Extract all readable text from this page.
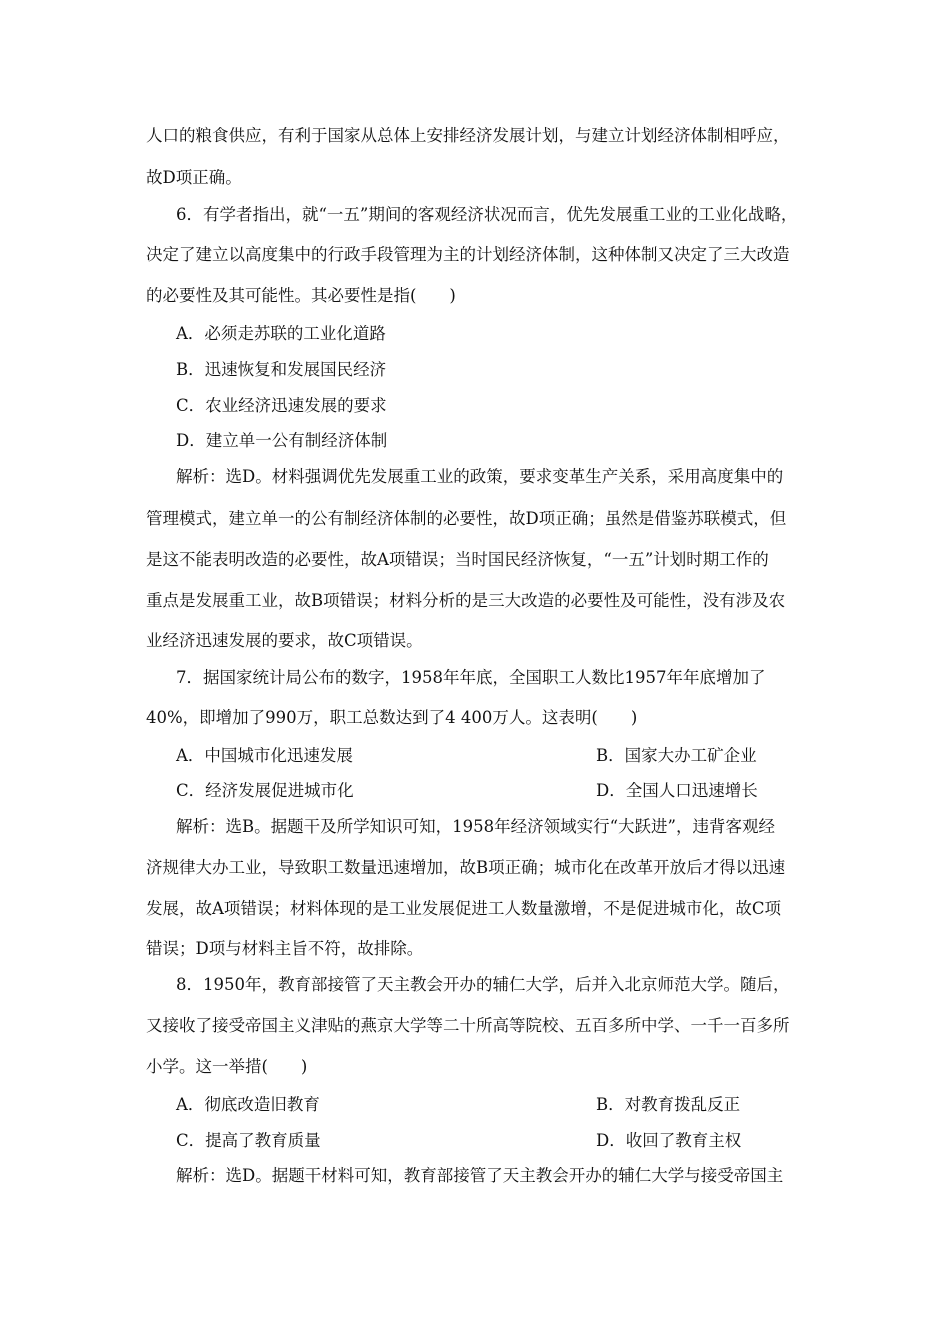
人口的粮食供应，有利于国家从总体上安排经济发展计划，与建立计划经济体制相呼应，
故D项正确。
6．有学者指出，就“一五”期间的客观经济状况而言，优先发展重工业的工业化战略，
决定了建立以高度集中的行政手段管理为主的计划经济体制，这种体制又决定了三大改造
的必要性及其可能性。其必要性是指(　　)
A．必须走苏联的工业化道路
B．迅速恢复和发展国民经济
C．农业经济迅速发展的要求
D．建立单一公有制经济体制
解析：选D。材料强调优先发展重工业的政策，要求变革生产关系，采用高度集中的
管理模式，建立单一的公有制经济体制的必要性，故D项正确；虽然是借鉴苏联模式，但
是这不能表明改造的必要性，故A项错误；当时国民经济恢复，“一五”计划时期工作的
重点是发展重工业，故B项错误；材料分析的是三大改造的必要性及可能性，没有涉及农
业经济迅速发展的要求，故C项错误。
7．据国家统计局公布的数字，1958年年底，全国职工人数比1957年年底增加了
40%，即增加了990万，职工总数达到了4 400万人。这表明(　　)
A．中国城市化迅速发展	B．国家大办工矿企业
C．经济发展促进城市化	D．全国人口迅速增长
解析：选B。据题干及所学知识可知，1958年经济领域实行“大跃进”，违背客观经
济规律大办工业，导致职工数量迅速增加，故B项正确；城市化在改革开放后才得以迅速
发展，故A项错误；材料体现的是工业发展促进工人数量激增，不是促进城市化，故C项
错误；D项与材料主旨不符，故排除。
8．1950年，教育部接管了天主教会开办的辅仁大学，后并入北京师范大学。随后，
又接收了接受帝国主义津贴的燕京大学等二十所高等院校、五百多所中学、一千一百多所
小学。这一举措(　　)
A．彻底改造旧教育	B．对教育拨乱反正
C．提高了教育质量	D．收回了教育主权
解析：选D。据题干材料可知，教育部接管了天主教会开办的辅仁大学与接受帝国主
